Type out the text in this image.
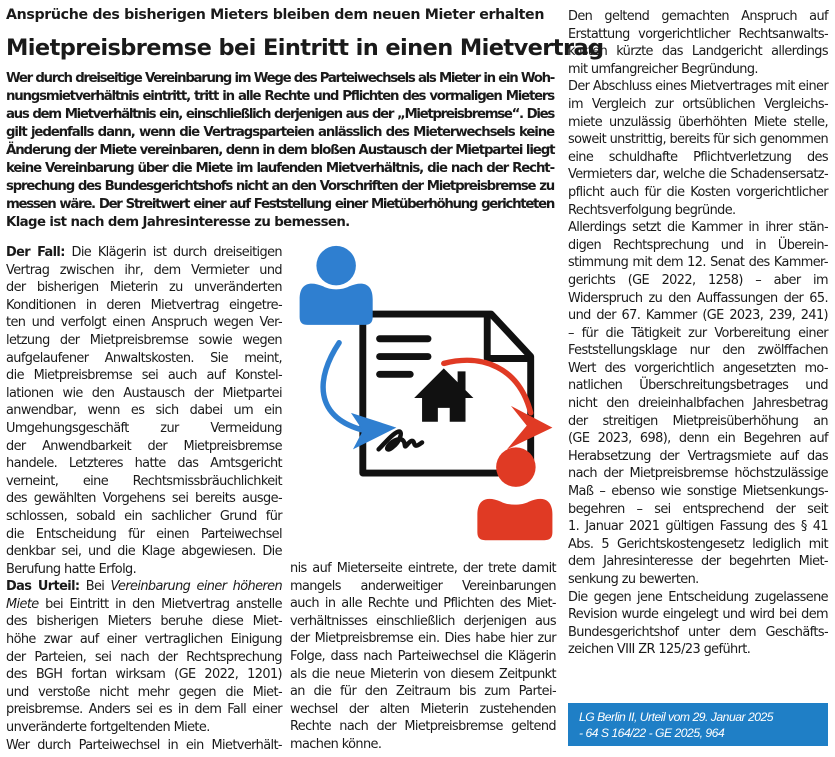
Ansprüche des bisherigen Mieters bleiben dem neuen Mieter erhalten
Mietpreisbremse bei Eintritt in einen Mietvertrag
Wer durch dreiseitige Vereinbarung im Wege des Parteiwechsels als Mieter in ein Woh-
nungsmietverhältnis eintritt, tritt in alle Rechte und Pflichten des vormaligen Mieters
aus dem Mietverhältnis ein, einschließlich derjenigen aus der „Mietpreisbremse“. Dies
gilt jedenfalls dann, wenn die Vertragsparteien anlässlich des Mieterwechsels keine
Änderung der Miete vereinbaren, denn in dem bloßen Austausch der Mietpartei liegt
keine Vereinbarung über die Miete im laufenden Mietverhältnis, die nach der Recht-
sprechung des Bundesgerichtshofs nicht an den Vorschriften der Mietpreisbremse zu
messen wäre. Der Streitwert einer auf Feststellung einer Mietüberhöhung gerichteten
Klage ist nach dem Jahresinteresse zu bemessen.
Der Fall: Die Klägerin ist durch dreiseitigen
Vertrag zwischen ihr, dem Vermieter und
der bisherigen Mieterin zu unveränderten
Konditionen in deren Mietvertrag eingetre-
ten und verfolgt einen Anspruch wegen Ver-
letzung der Mietpreisbremse sowie wegen
aufgelaufener Anwaltskosten. Sie meint,
die Mietpreisbremse sei auch auf Konstel-
lationen wie den Austausch der Mietpartei
anwendbar, wenn es sich dabei um ein
Umgehungsgeschäft zur Vermeidung
der Anwendbarkeit der Mietpreisbremse
handele. Letzteres hatte das Amtsgericht
verneint, eine Rechtsmissbräuchlichkeit
des gewählten Vorgehens sei bereits ausge-
schlossen, sobald ein sachlicher Grund für
die Entscheidung für einen Parteiwechsel
denkbar sei, und die Klage abgewiesen. Die
Berufung hatte Erfolg.
Das Urteil: Bei Vereinbarung einer höheren
Miete bei Eintritt in den Mietvertrag anstelle
des bisherigen Mieters beruhe diese Miet-
höhe zwar auf einer vertraglichen Einigung
der Parteien, sei nach der Rechtsprechung
des BGH fortan wirksam (GE 2022, 1201)
und verstoße nicht mehr gegen die Miet-
preisbremse. Anders sei es in dem Fall einer
unveränderte fortgeltenden Miete.
Wer durch Parteiwechsel in ein Mietverhält-
nis auf Mieterseite eintrete, der trete damit
mangels anderweitiger Vereinbarungen
auch in alle Rechte und Pflichten des Miet-
verhältnisses einschließlich derjenigen aus
der Mietpreisbremse ein. Dies habe hier zur
Folge, dass nach Parteiwechsel die Klägerin
als die neue Mieterin von diesem Zeitpunkt
an die für den Zeitraum bis zum Partei-
wechsel der alten Mieterin zustehenden
Rechte nach der Mietpreisbremse geltend
machen könne.
Den geltend gemachten Anspruch auf
Erstattung vorgerichtlicher Rechtsanwalts-
kosten kürzte das Landgericht allerdings
mit umfangreicher Begründung.
Der Abschluss eines Mietvertrages mit einer
im Vergleich zur ortsüblichen Vergleichs-
miete unzulässig überhöhten Miete stelle,
soweit unstrittig, bereits für sich genommen
eine schuldhafte Pflichtverletzung des
Vermieters dar, welche die Schadensersatz-
pflicht auch für die Kosten vorgerichtlicher
Rechtsverfolgung begründe.
Allerdings setzt die Kammer in ihrer stän-
digen Rechtsprechung und in Überein-
stimmung mit dem 12. Senat des Kammer-
gerichts (GE 2022, 1258) – aber im
Widerspruch zu den Auffassungen der 65.
und der 67. Kammer (GE 2023, 239, 241)
– für die Tätigkeit zur Vorbereitung einer
Feststellungsklage nur den zwölffachen
Wert des vorgerichtlich angesetzten mo-
natlichen Überschreitungsbetrages und
nicht den dreieinhalbfachen Jahresbetrag
der streitigen Mietpreisüberhöhung an
(GE 2023, 698), denn ein Begehren auf
Herabsetzung der Vertragsmiete auf das
nach der Mietpreisbremse höchstzulässige
Maß – ebenso wie sonstige Mietsenkungs-
begehren – sei entsprechend der seit
1. Januar 2021 gültigen Fassung des § 41
Abs. 5 Gerichtskostengesetz lediglich mit
dem Jahresinteresse der begehrten Miet-
senkung zu bewerten.
Die gegen jene Entscheidung zugelassene
Revision wurde eingelegt und wird bei dem
Bundesgerichtshof unter dem Geschäfts-
zeichen VIII ZR 125/23 geführt.
LG Berlin II, Urteil vom 29. Januar 2025
- 64 S 164/22 - GE 2025, 964
